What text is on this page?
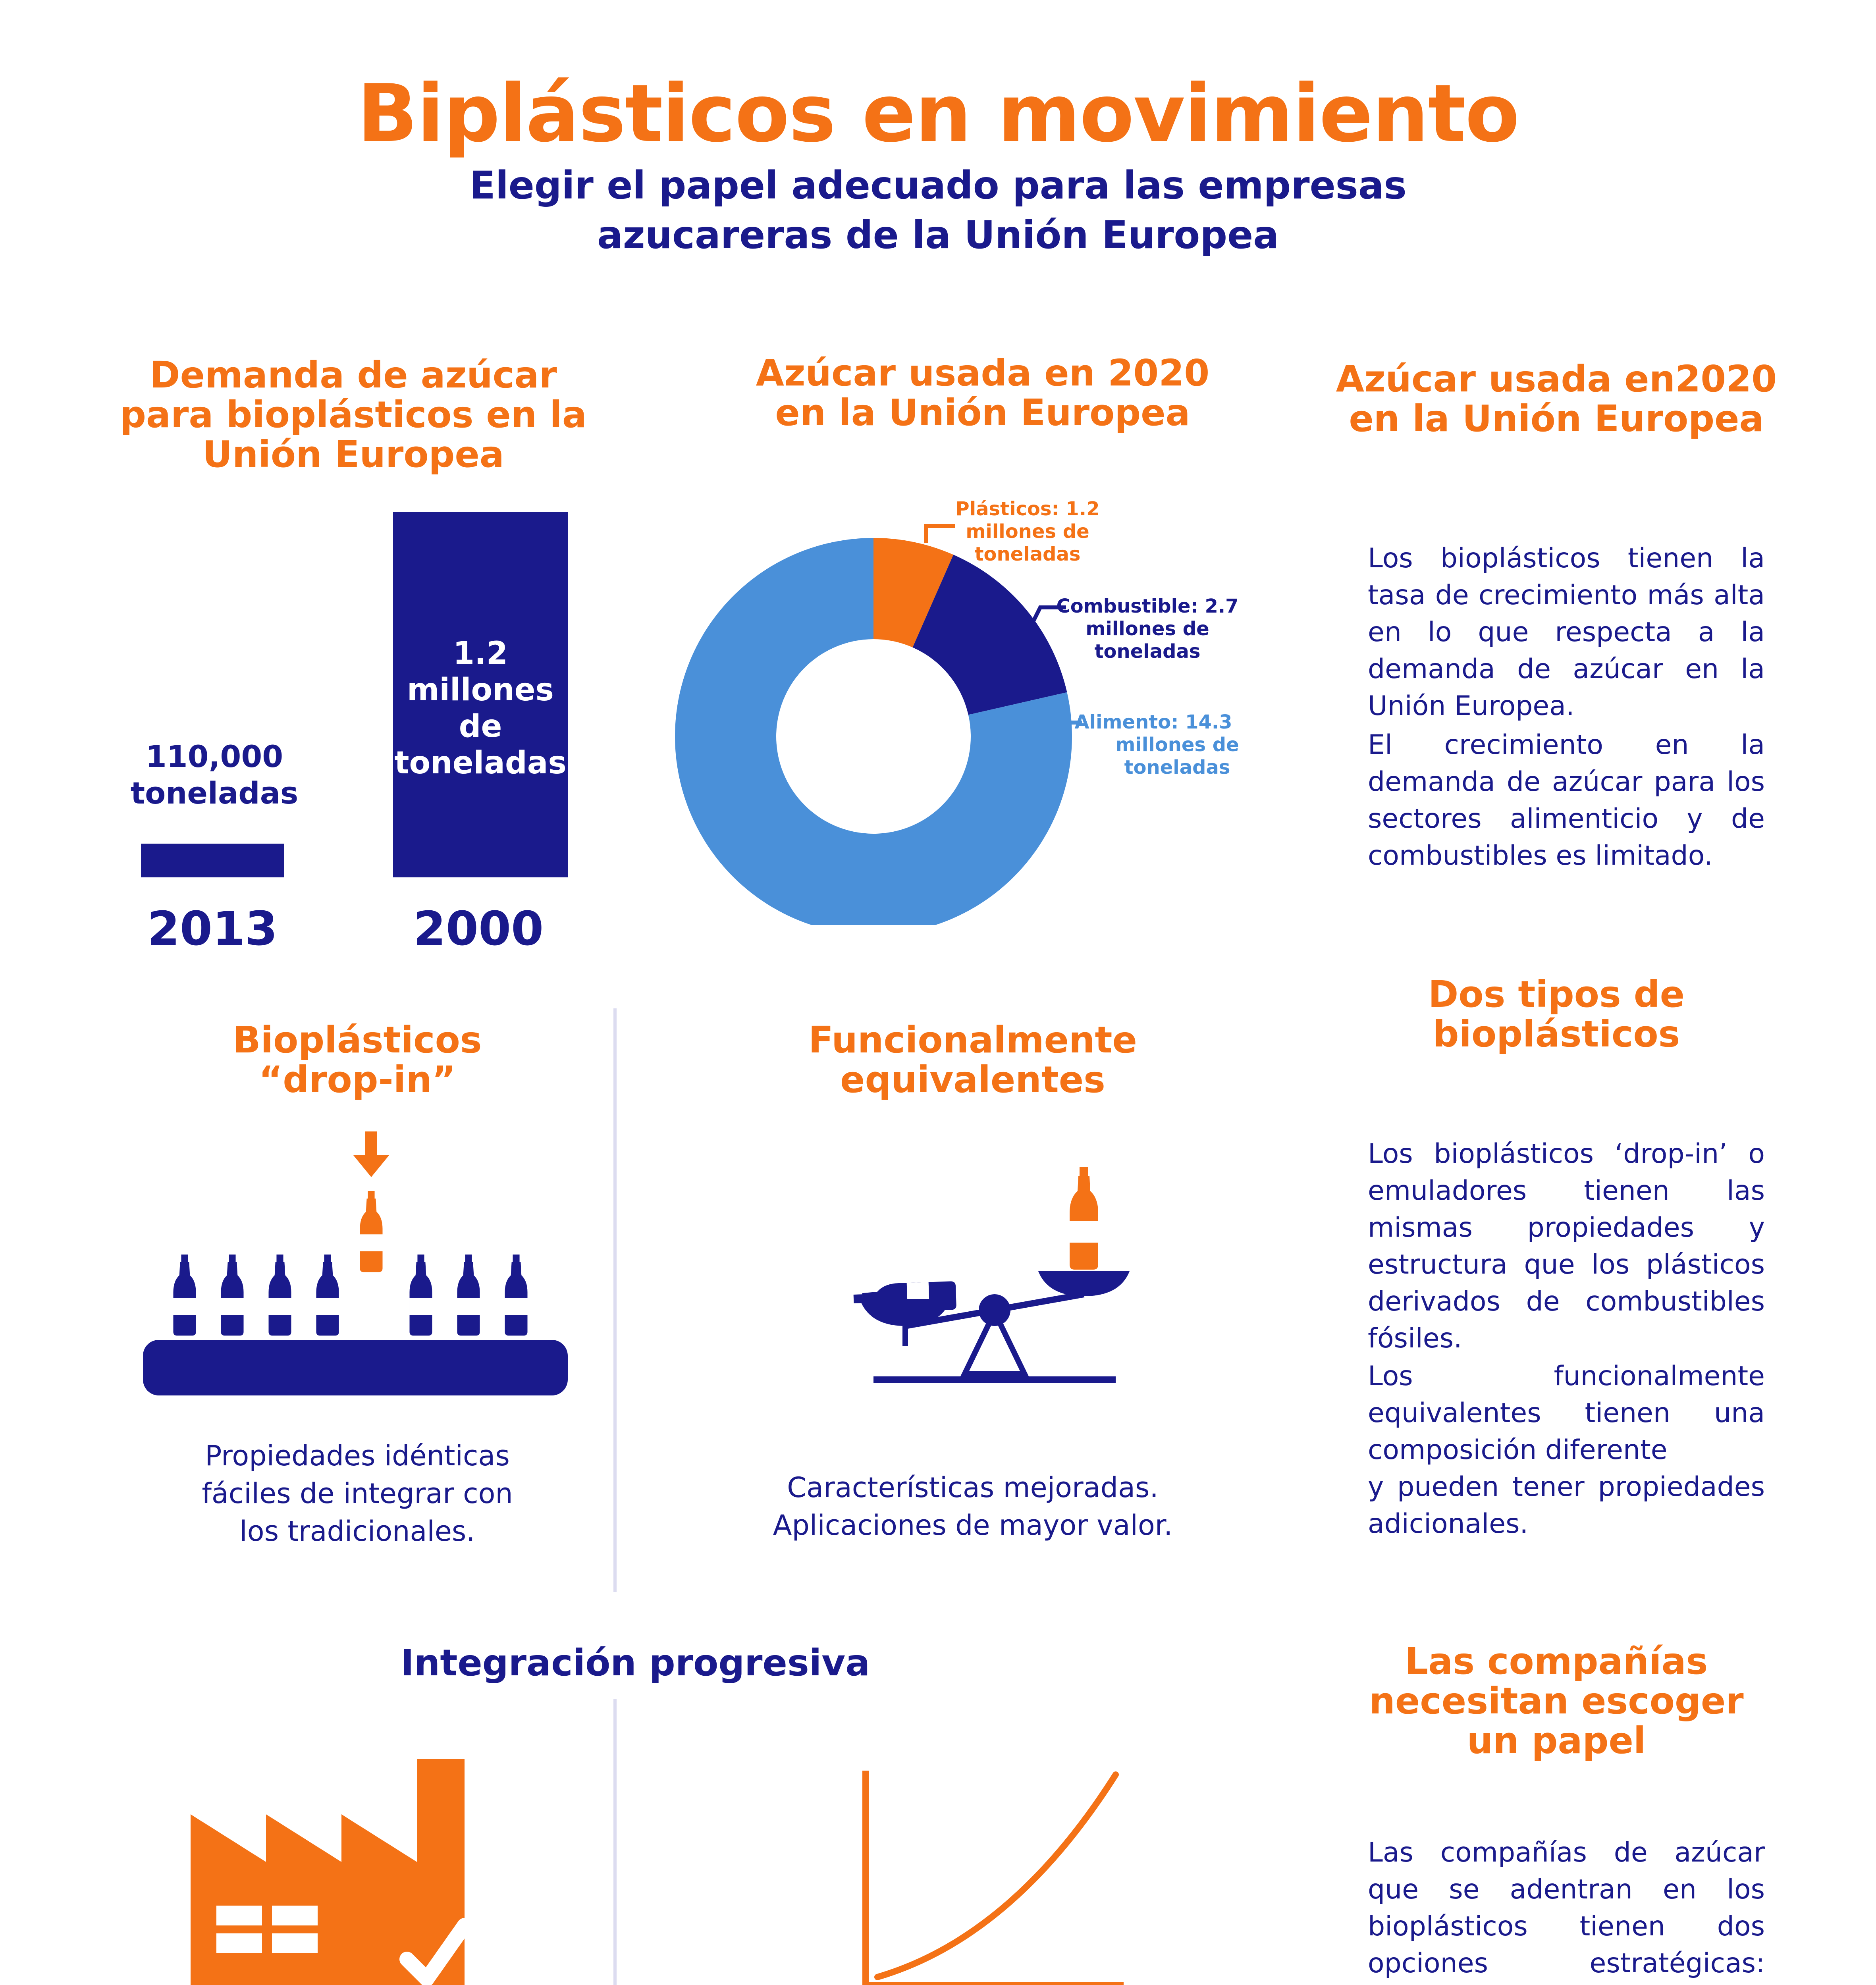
Biplásticos en movimiento
Elegir el papel adecuado para las empresas
azucareras de la Unión Europea
Demanda de azúcar para bioplásticos en la Unión Europea
110,000
toneladas
2013
1.2
millones
de
toneladas
2000
Azúcar usada en 2020 en la Unión Europea
Plásticos: 1.2
millones de
toneladas
Combustible: 2.7
millones de
toneladas
Alimento: 14.3
millones de
toneladas
Azúcar usada en2020
en la Unión Europea
Los bioplásticos tienen la tasa de crecimiento más alta en lo que respecta a la demanda de azúcar en la Unión Europea.
El crecimiento en la demanda de azúcar para los sectores alimenticio y de combustibles es limitado.
Bioplásticos
“drop-in”
Propiedades idénticas
fáciles de integrar con
los tradicionales.
Funcionalmente
equivalentes
Características mejoradas.
Aplicaciones de mayor valor.
Dos tipos de
bioplásticos
Los bioplásticos ‘drop-in’ o emuladores tienen las mismas propiedades y estructura que los plásticos derivados de combustibles fósiles.
Los funcionalmente equivalentes tienen una composición diferente
y pueden tener propiedades adicionales.
Integración progresiva	Las compañías
necesitan escoger
un papel
Las compañías de azúcar que se adentran en los bioplásticos tienen dos opciones estratégicas:
